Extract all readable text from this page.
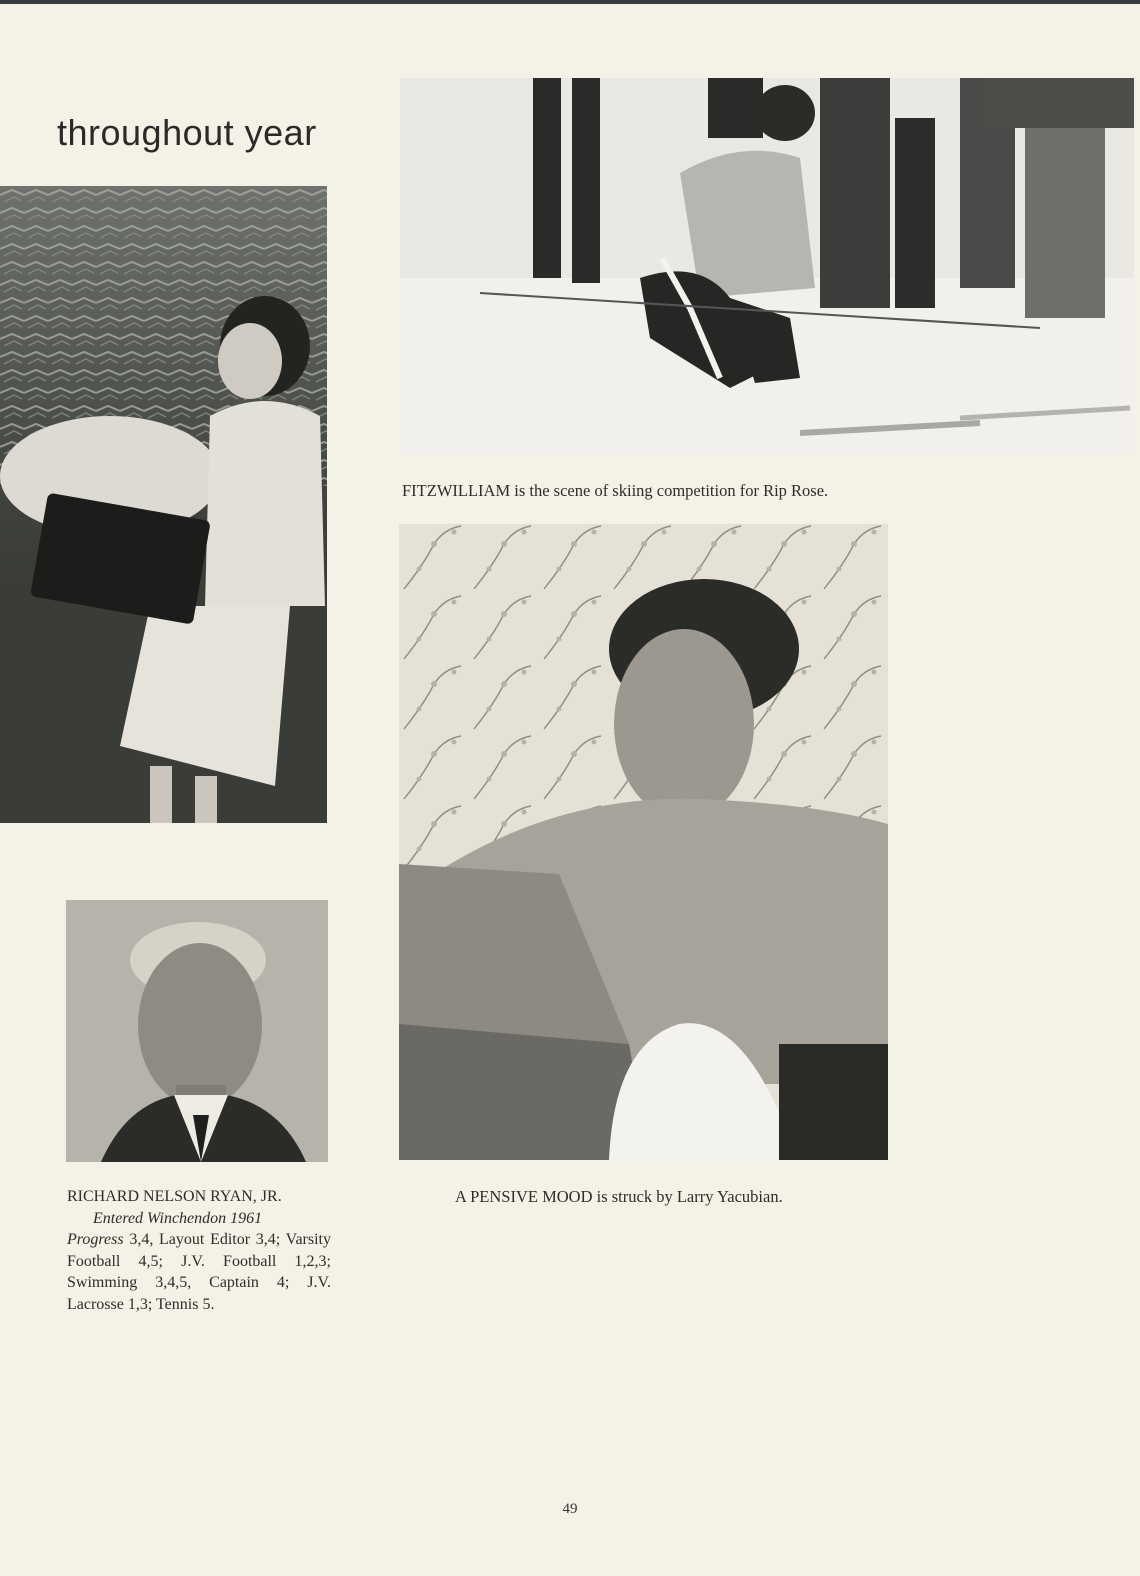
throughout year
FITZWILLIAM is the scene of skiing competition for Rip Rose.
A PENSIVE MOOD is struck by Larry Yacubian.
RICHARD NELSON RYAN, JR.
Entered Winchendon 1961
Progress 3,4, Layout Editor 3,4; Varsity Football 4,5; J.V. Football 1,2,3; Swimming 3,4,5, Captain 4; J.V. Lacrosse 1,3; Tennis 5.
49
